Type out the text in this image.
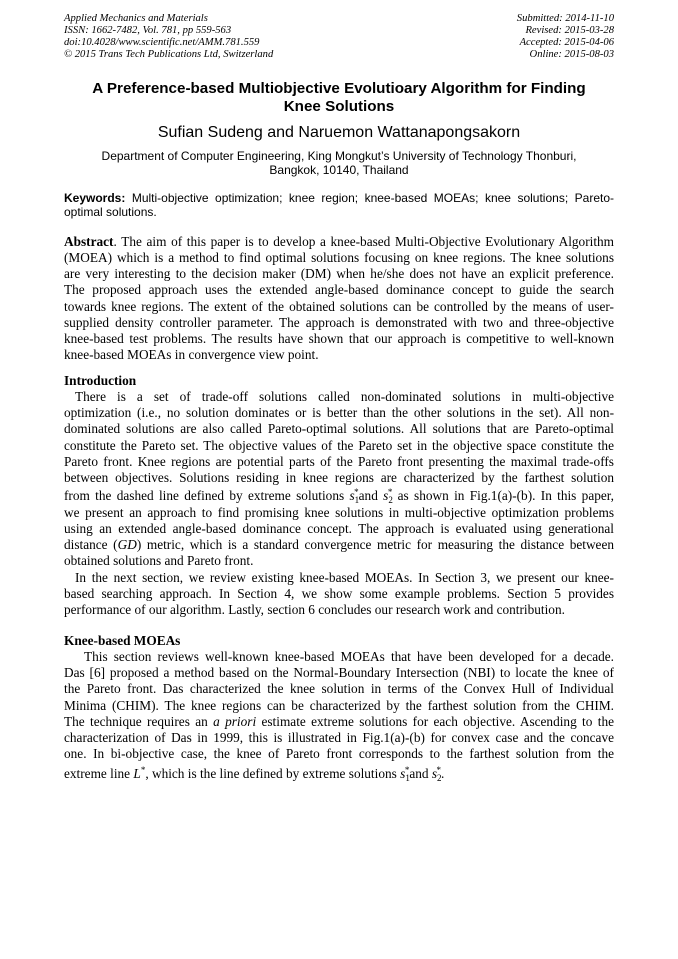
Applied Mechanics and Materials
ISSN: 1662-7482, Vol. 781, pp 559-563
doi:10.4028/www.scientific.net/AMM.781.559
© 2015 Trans Tech Publications Ltd, Switzerland
Submitted: 2014-11-10
Revised: 2015-03-28
Accepted: 2015-04-06
Online: 2015-08-03
A Preference-based Multiobjective Evolutioary Algorithm for Finding
Knee Solutions
Sufian Sudeng and Naruemon Wattanapongsakorn
Department of Computer Engineering, King Mongkut’s University of Technology Thonburi,
Bangkok, 10140, Thailand
Keywords: Multi-objective optimization; knee region; knee-based MOEAs; knee solutions; Pareto-
optimal solutions.
Abstract. The aim of this paper is to develop a knee-based Multi-Objective Evolutionary Algorithm
(MOEA) which is a method to find optimal solutions focusing on knee regions. The knee solutions
are very interesting to the decision maker (DM) when he/she does not have an explicit preference.
The proposed approach uses the extended angle-based dominance concept to guide the search
towards knee regions. The extent of the obtained solutions can be controlled by the means of user-
supplied density controller parameter. The approach is demonstrated with two and three-objective
knee-based test problems. The results have shown that our approach is competitive to well-known
knee-based MOEAs in convergence view point.
Introduction
There is a set of trade-off solutions called non-dominated solutions in multi-objective
optimization (i.e., no solution dominates or is better than the other solutions in the set). All non-
dominated solutions are also called Pareto-optimal solutions. All solutions that are Pareto-optimal
constitute the Pareto set. The objective values of the Pareto set in the objective space constitute the
Pareto front. Knee regions are potential parts of the Pareto front presenting the maximal trade-offs
between objectives. Solutions residing in knee regions are characterized by the farthest solution
from the dashed line defined by extreme solutions $s_1^*and$ $s_2^*$ as shown in Fig.1(a)-(b). In this paper,
we present an approach to find promising knee solutions in multi-objective optimization problems
using an extended angle-based dominance concept. The approach is evaluated using generational
distance (GD) metric, which is a standard convergence metric for measuring the distance between
obtained solutions and Pareto front.
In the next section, we review existing knee-based MOEAs. In Section 3, we present our knee-
based searching approach. In Section 4, we show some example problems. Section 5 provides
performance of our algorithm. Lastly, section 6 concludes our research work and contribution.
Knee-based MOEAs
This section reviews well-known knee-based MOEAs that have been developed for a decade.
Das [6] proposed a method based on the Normal-Boundary Intersection (NBI) to locate the knee of
the Pareto front. Das characterized the knee solution in terms of the Convex Hull of Individual
Minima (CHIM). The knee regions can be characterized by the farthest solution from the CHIM.
The technique requires an a priori estimate extreme solutions for each objective. Ascending to the
characterization of Das in 1999, this is illustrated in Fig.1(a)-(b) for convex case and the concave
one. In bi-objective case, the knee of Pareto front corresponds to the farthest solution from the
extreme line L*, which is the line defined by extreme solutions $s_1^*and$ $s_2^*$.
